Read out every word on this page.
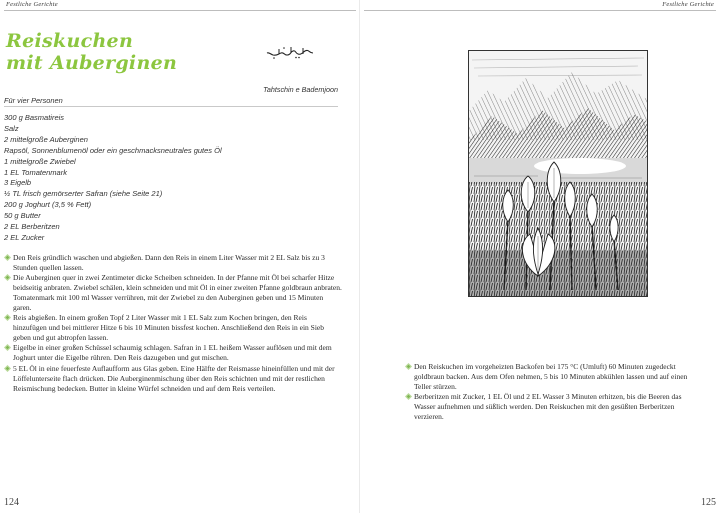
Festliche Gerichte
Reiskuchen
mit Auberginen
Tahtschin e Bademjoon
Für vier Personen
300 g Basmatireis
Salz
2 mittelgroße Auberginen
Rapsöl, Sonnenblumenöl oder ein geschmacksneutrales gutes Öl
1 mittelgroße Zwiebel
1 EL Tomatenmark
3 Eigelb
½ TL frisch gemörserter Safran (siehe Seite 21)
200 g Joghurt (3,5 % Fett)
50 g Butter
2 EL Berberitzen
2 EL Zucker
Den Reis gründlich waschen und abgießen. Dann den Reis in einem Liter Wasser mit 2 EL Salz bis zu 3 Stunden quellen lassen.
Die Auberginen quer in zwei Zentimeter dicke Scheiben schneiden. In der Pfanne mit Öl bei scharfer Hitze beidseitig anbraten. Zwiebel schälen, klein schneiden und mit Öl in einer zweiten Pfanne goldbraun anbraten. Tomatenmark mit 100 ml Wasser verrühren, mit der Zwiebel zu den Auberginen geben und 15 Minuten garen.
Reis abgießen. In einem großen Topf 2 Liter Wasser mit 1 EL Salz zum Kochen bringen, den Reis hinzufügen und bei mittlerer Hitze 6 bis 10 Minuten bissfest kochen. Anschließend den Reis in ein Sieb geben und gut abtropfen lassen.
Eigelbe in einer großen Schüssel schaumig schlagen. Safran in 1 EL heißem Wasser auflösen und mit dem Joghurt unter die Eigelbe rühren. Den Reis dazugeben und gut mischen.
5 EL Öl in eine feuerfeste Auflaufform aus Glas geben. Eine Hälfte der Reismasse hineinfüllen und mit der Löffelunterseite flach drücken. Die Auberginenmischung über den Reis schichten und mit der restlichen Reismischung bedecken. Butter in kleine Würfel schneiden und auf dem Reis verteilen.
124
Festliche Gerichte
Den Reiskuchen im vorgeheizten Backofen bei 175 °C (Umluft) 60 Minuten zugedeckt goldbraun backen. Aus dem Ofen nehmen, 5 bis 10 Minuten abkühlen lassen und auf einen Teller stürzen.
Berberitzen mit Zucker, 1 EL Öl und 2 EL Wasser 3 Minuten erhitzen, bis die Beeren das Wasser aufnehmen und süßlich werden. Den Reiskuchen mit den gesüßten Berberitzen verzieren.
125
